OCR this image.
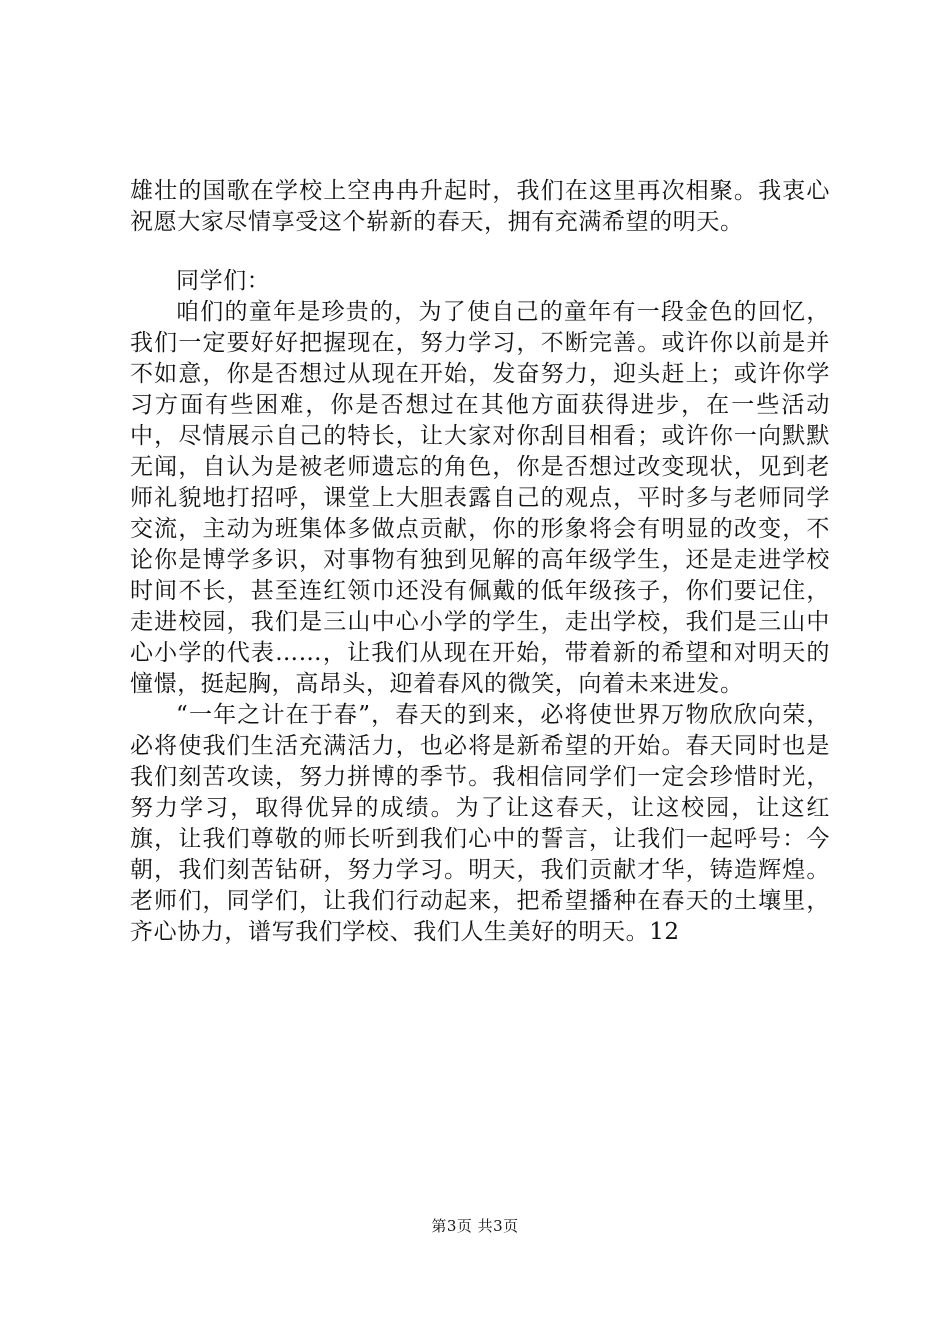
雄壮的国歌在学校上空冉冉升起时，我们在这里再次相聚。我衷心祝愿大家尽情享受这个崭新的春天，拥有充满希望的明天。

同学们：

咱们的童年是珍贵的，为了使自己的童年有一段金色的回忆，我们一定要好好把握现在，努力学习，不断完善。或许你以前是并不如意，你是否想过从现在开始，发奋努力，迎头赶上；或许你学习方面有些困难，你是否想过在其他方面获得进步，在一些活动中，尽情展示自己的特长，让大家对你刮目相看；或许你一向默默无闻，自认为是被老师遗忘的角色，你是否想过改变现状，见到老师礼貌地打招呼，课堂上大胆表露自己的观点，平时多与老师同学交流，主动为班集体多做点贡献，你的形象将会有明显的改变，不论你是博学多识，对事物有独到见解的高年级学生，还是走进学校时间不长，甚至连红领巾还没有佩戴的低年级孩子，你们要记住，走进校园，我们是三山中心小学的学生，走出学校，我们是三山中心小学的代表……，让我们从现在开始，带着新的希望和对明天的憧憬，挺起胸，高昂头，迎着春风的微笑，向着未来进发。

“一年之计在于春”，春天的到来，必将使世界万物欣欣向荣，必将使我们生活充满活力，也必将是新希望的开始。春天同时也是我们刻苦攻读，努力拼博的季节。我相信同学们一定会珍惜时光，努力学习，取得优异的成绩。为了让这春天，让这校园，让这红旗，让我们尊敬的师长听到我们心中的誓言，让我们一起呼号：今朝，我们刻苦钻研，努力学习。明天，我们贡献才华，铸造辉煌。老师们，同学们，让我们行动起来，把希望播种在春天的土壤里，齐心协力，谱写我们学校、我们人生美好的明天。12

第3页 共3页
